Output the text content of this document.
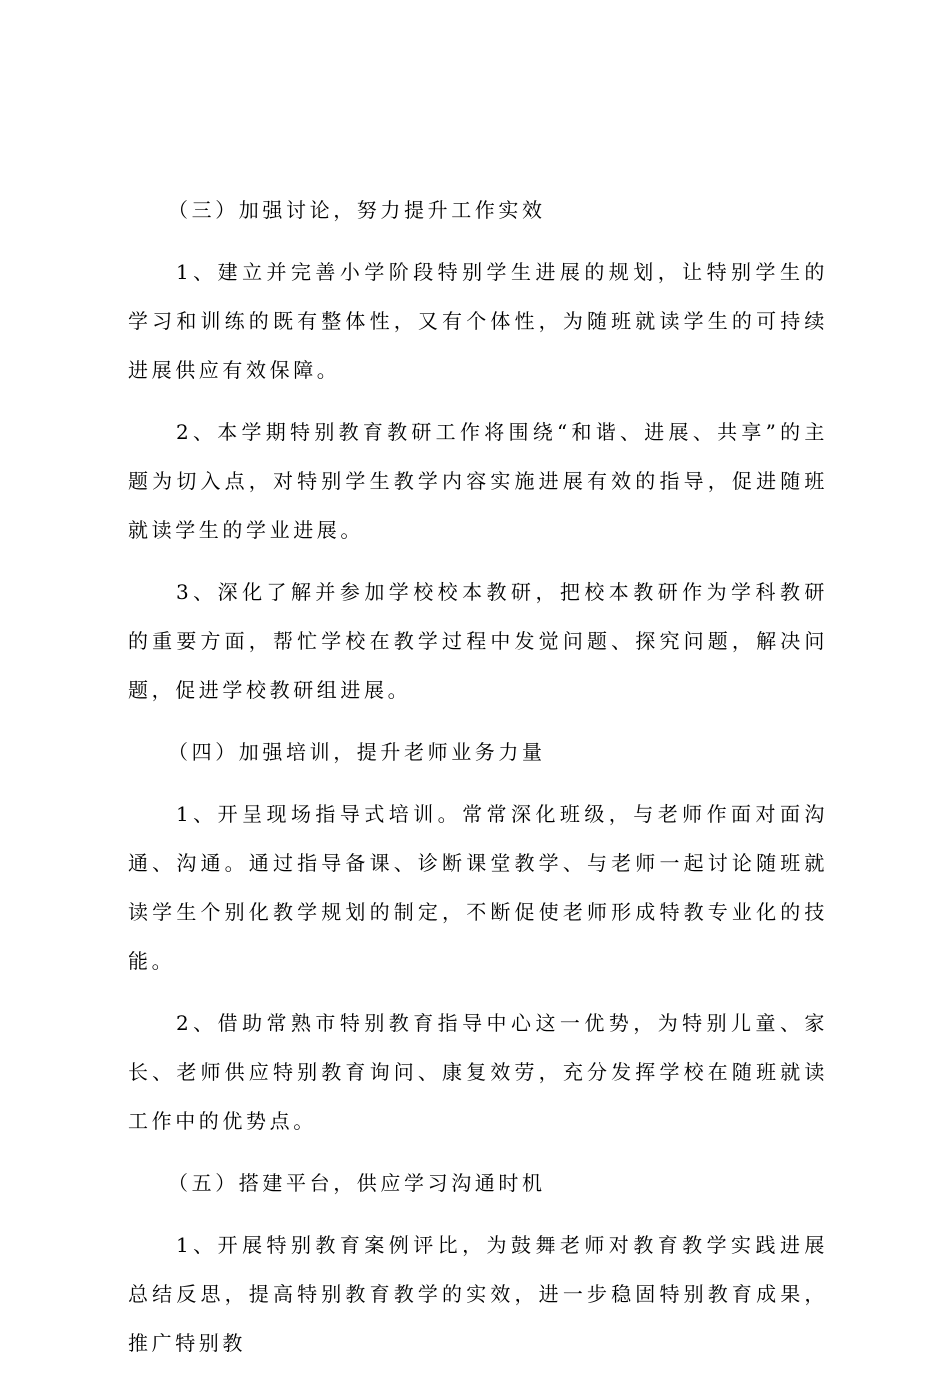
（三）加强讨论，努力提升工作实效

1、建立并完善小学阶段特别学生进展的规划，让特别学生的学习和训练的既有整体性，又有个体性，为随班就读学生的可持续进展供应有效保障。

2、本学期特别教育教研工作将围绕“和谐、进展、共享”的主题为切入点，对特别学生教学内容实施进展有效的指导，促进随班就读学生的学业进展。

3、深化了解并参加学校校本教研，把校本教研作为学科教研的重要方面，帮忙学校在教学过程中发觉问题、探究问题，解决问题，促进学校教研组进展。

（四）加强培训，提升老师业务力量

1、开呈现场指导式培训。常常深化班级，与老师作面对面沟通、沟通。通过指导备课、诊断课堂教学、与老师一起讨论随班就读学生个别化教学规划的制定，不断促使老师形成特教专业化的技能。

2、借助常熟市特别教育指导中心这一优势，为特别儿童、家长、老师供应特别教育询问、康复效劳，充分发挥学校在随班就读工作中的优势点。

（五）搭建平台，供应学习沟通时机

1、开展特别教育案例评比，为鼓舞老师对教育教学实践进展总结反思，提高特别教育教学的实效，进一步稳固特别教育成果，推广特别教
